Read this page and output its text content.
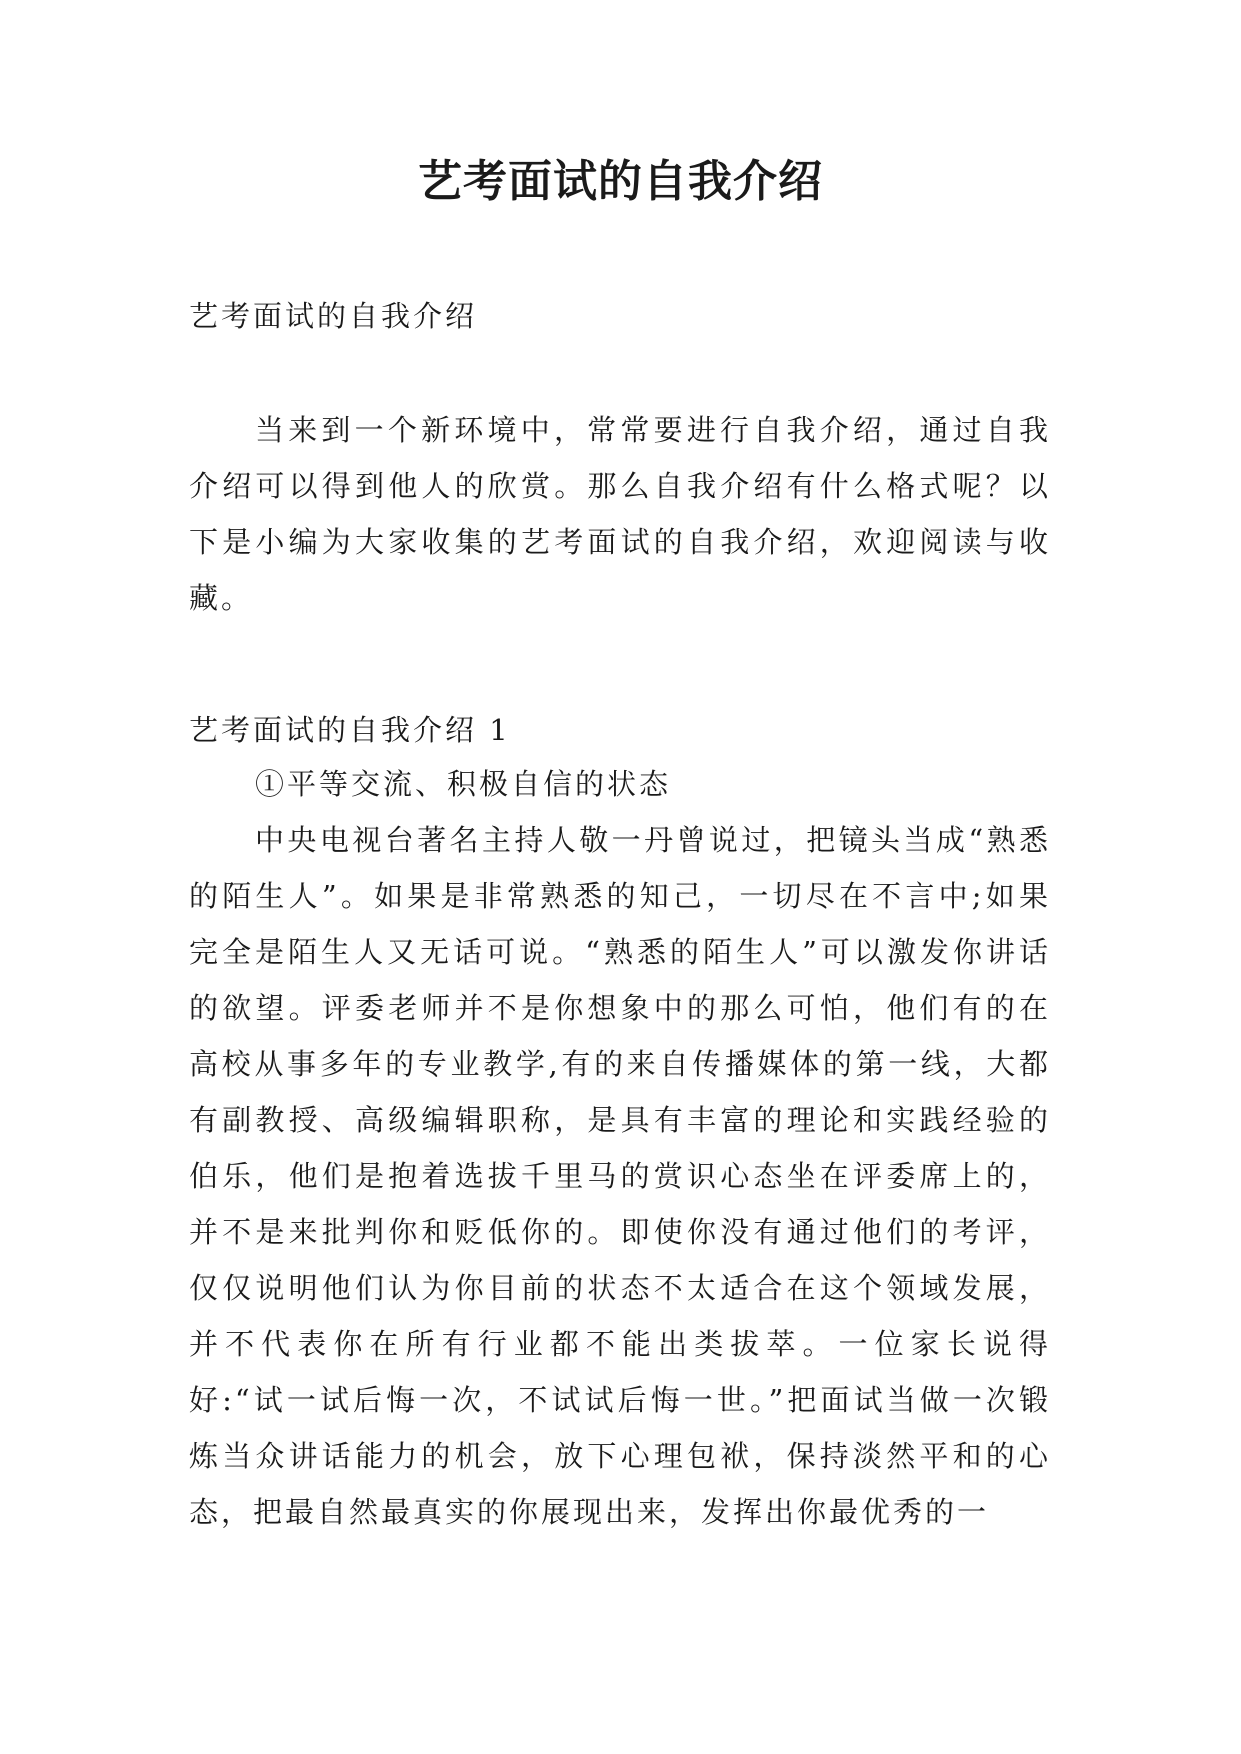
艺考面试的自我介绍

艺考面试的自我介绍

当来到一个新环境中，常常要进行自我介绍，通过自我介绍可以得到他人的欣赏。那么自我介绍有什么格式呢？以下是小编为大家收集的艺考面试的自我介绍，欢迎阅读与收藏。

艺考面试的自我介绍 1

①平等交流、积极自信的状态

中央电视台著名主持人敬一丹曾说过，把镜头当成“熟悉的陌生人”。如果是非常熟悉的知己，一切尽在不言中;如果完全是陌生人又无话可说。“熟悉的陌生人”可以激发你讲话的欲望。评委老师并不是你想象中的那么可怕，他们有的在高校从事多年的专业教学,有的来自传播媒体的第一线，大都有副教授、高级编辑职称，是具有丰富的理论和实践经验的伯乐，他们是抱着选拔千里马的赏识心态坐在评委席上的，并不是来批判你和贬低你的。即使你没有通过他们的考评，仅仅说明他们认为你目前的状态不太适合在这个领域发展，并不代表你在所有行业都不能出类拔萃。一位家长说得好:“试一试后悔一次，不试试后悔一世。”把面试当做一次锻炼当众讲话能力的机会，放下心理包袱，保持淡然平和的心态，把最自然最真实的你展现出来，发挥出你最优秀的一
